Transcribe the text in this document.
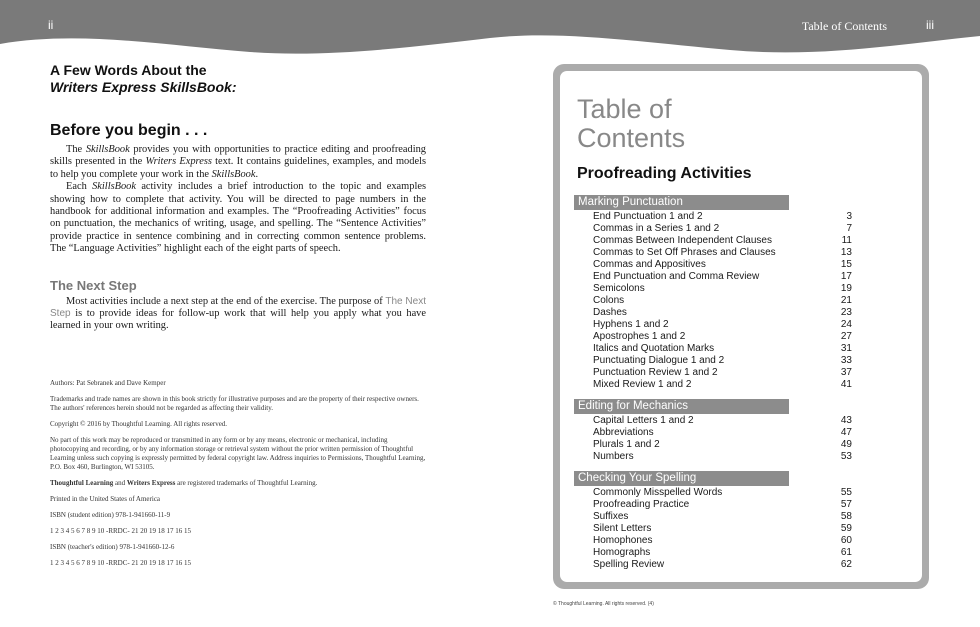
ii	Table of Contents	iii
A Few Words About the
Writers Express SkillsBook:
Before you begin . . .

The SkillsBook provides you with opportunities to practice editing and proofreading skills presented in the Writers Express text. It contains guidelines, examples, and models to help you complete your work in the SkillsBook.

Each SkillsBook activity includes a brief introduction to the topic and examples showing how to complete that activity. You will be directed to page numbers in the handbook for additional information and examples. The “Proofreading Activities” focus on punctuation, the mechanics of writing, usage, and spelling. The “Sentence Activities” provide practice in sentence combining and in correcting common sentence problems. The “Language Activities” highlight each of the eight parts of speech.

The Next Step

Most activities include a next step at the end of the exercise. The purpose of The Next Step is to provide ideas for follow-up work that will help you apply what you have learned in your own writing.

Authors: Pat Sebranek and Dave Kemper

Trademarks and trade names are shown in this book strictly for illustrative purposes and are the property of their respective owners. The authors' references herein should not be regarded as affecting their validity.

Copyright © 2016 by Thoughtful Learning. All rights reserved.

No part of this work may be reproduced or transmitted in any form or by any means, electronic or mechanical, including photocopying and recording, or by any information storage or retrieval system without the prior written permission of Thoughtful Learning unless such copying is expressly permitted by federal copyright law. Address inquiries to Permissions, Thoughtful Learning, P.O. Box 460, Burlington, WI 53105.

Thoughtful Learning and Writers Express are registered trademarks of Thoughtful Learning.

Printed in the United States of America

ISBN (student edition) 978-1-941660-11-9

1 2 3 4 5 6 7 8 9 10 -RRDC- 21 20 19 18 17 16 15

ISBN (teacher's edition) 978-1-941660-12-6

1 2 3 4 5 6 7 8 9 10 -RRDC- 21 20 19 18 17 16 15

Table of
Contents
Proofreading Activities
Marking Punctuation
End Punctuation 1 and 2	3
Commas in a Series 1 and 2	7
Commas Between Independent Clauses	11
Commas to Set Off Phrases and Clauses	13
Commas and Appositives	15
End Punctuation and Comma Review	17
Semicolons	19
Colons	21
Dashes	23
Hyphens 1 and 2	24
Apostrophes 1 and 2	27
Italics and Quotation Marks	31
Punctuating Dialogue 1 and 2	33
Punctuation Review 1 and 2	37
Mixed Review 1 and 2	41
Editing for Mechanics
Capital Letters 1 and 2	43
Abbreviations	47
Plurals 1 and 2	49
Numbers	53
Checking Your Spelling
Commonly Misspelled Words	55
Proofreading Practice	57
Suffixes	58
Silent Letters	59
Homophones	60
Homographs	61
Spelling Review	62
© Thoughtful Learning. All rights reserved. (4)
